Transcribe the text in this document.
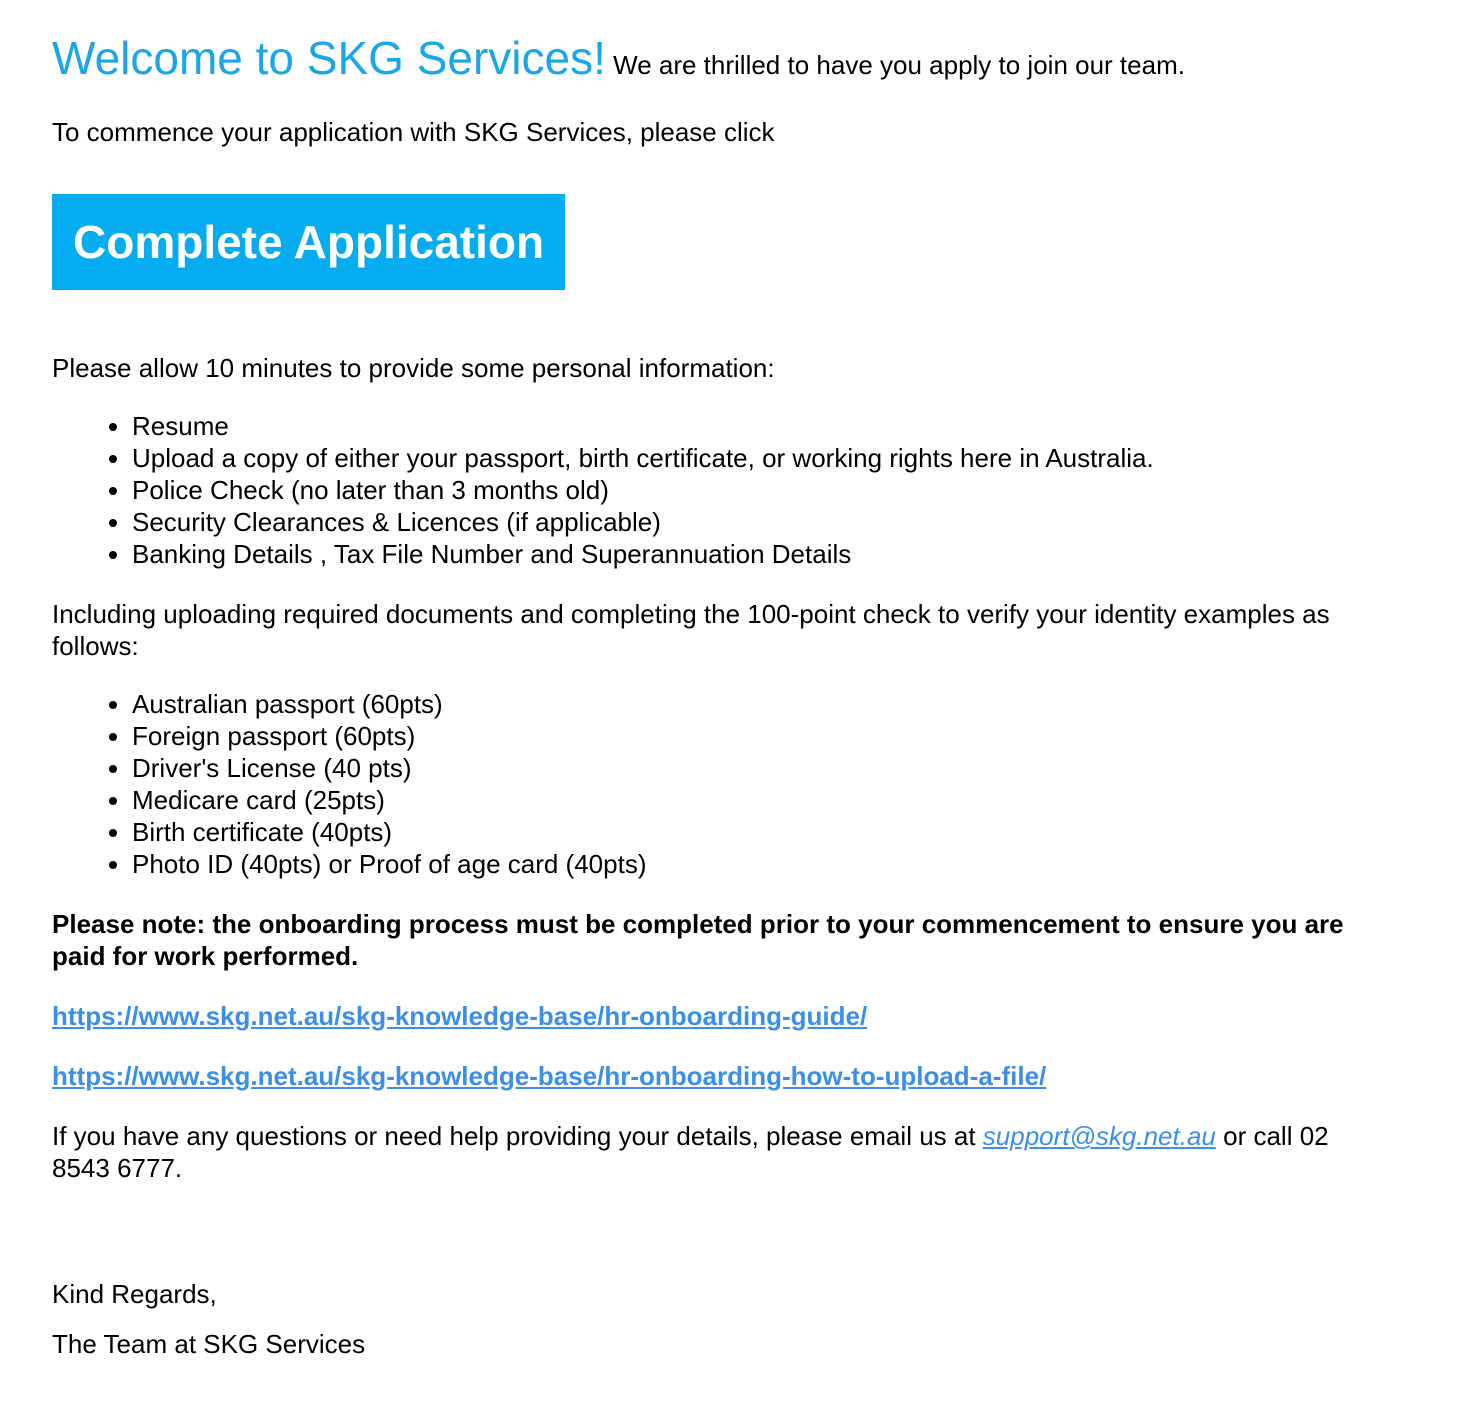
Welcome to SKG Services! We are thrilled to have you apply to join our team.

To commence your application with SKG Services, please click

Complete Application

Please allow 10 minutes to provide some personal information:

• Resume
• Upload a copy of either your passport, birth certificate, or working rights here in Australia.
• Police Check (no later than 3 months old)
• Security Clearances & Licences (if applicable)
• Banking Details , Tax File Number and Superannuation Details

Including uploading required documents and completing the 100-point check to verify your identity examples as follows:

• Australian passport (60pts)
• Foreign passport (60pts)
• Driver's License (40 pts)
• Medicare card (25pts)
• Birth certificate (40pts)
• Photo ID (40pts) or Proof of age card (40pts)

Please note: the onboarding process must be completed prior to your commencement to ensure you are paid for work performed.

https://www.skg.net.au/skg-knowledge-base/hr-onboarding-guide/

https://www.skg.net.au/skg-knowledge-base/hr-onboarding-how-to-upload-a-file/

If you have any questions or need help providing your details, please email us at support@skg.net.au or call 02 8543 6777.

Kind Regards,

The Team at SKG Services
